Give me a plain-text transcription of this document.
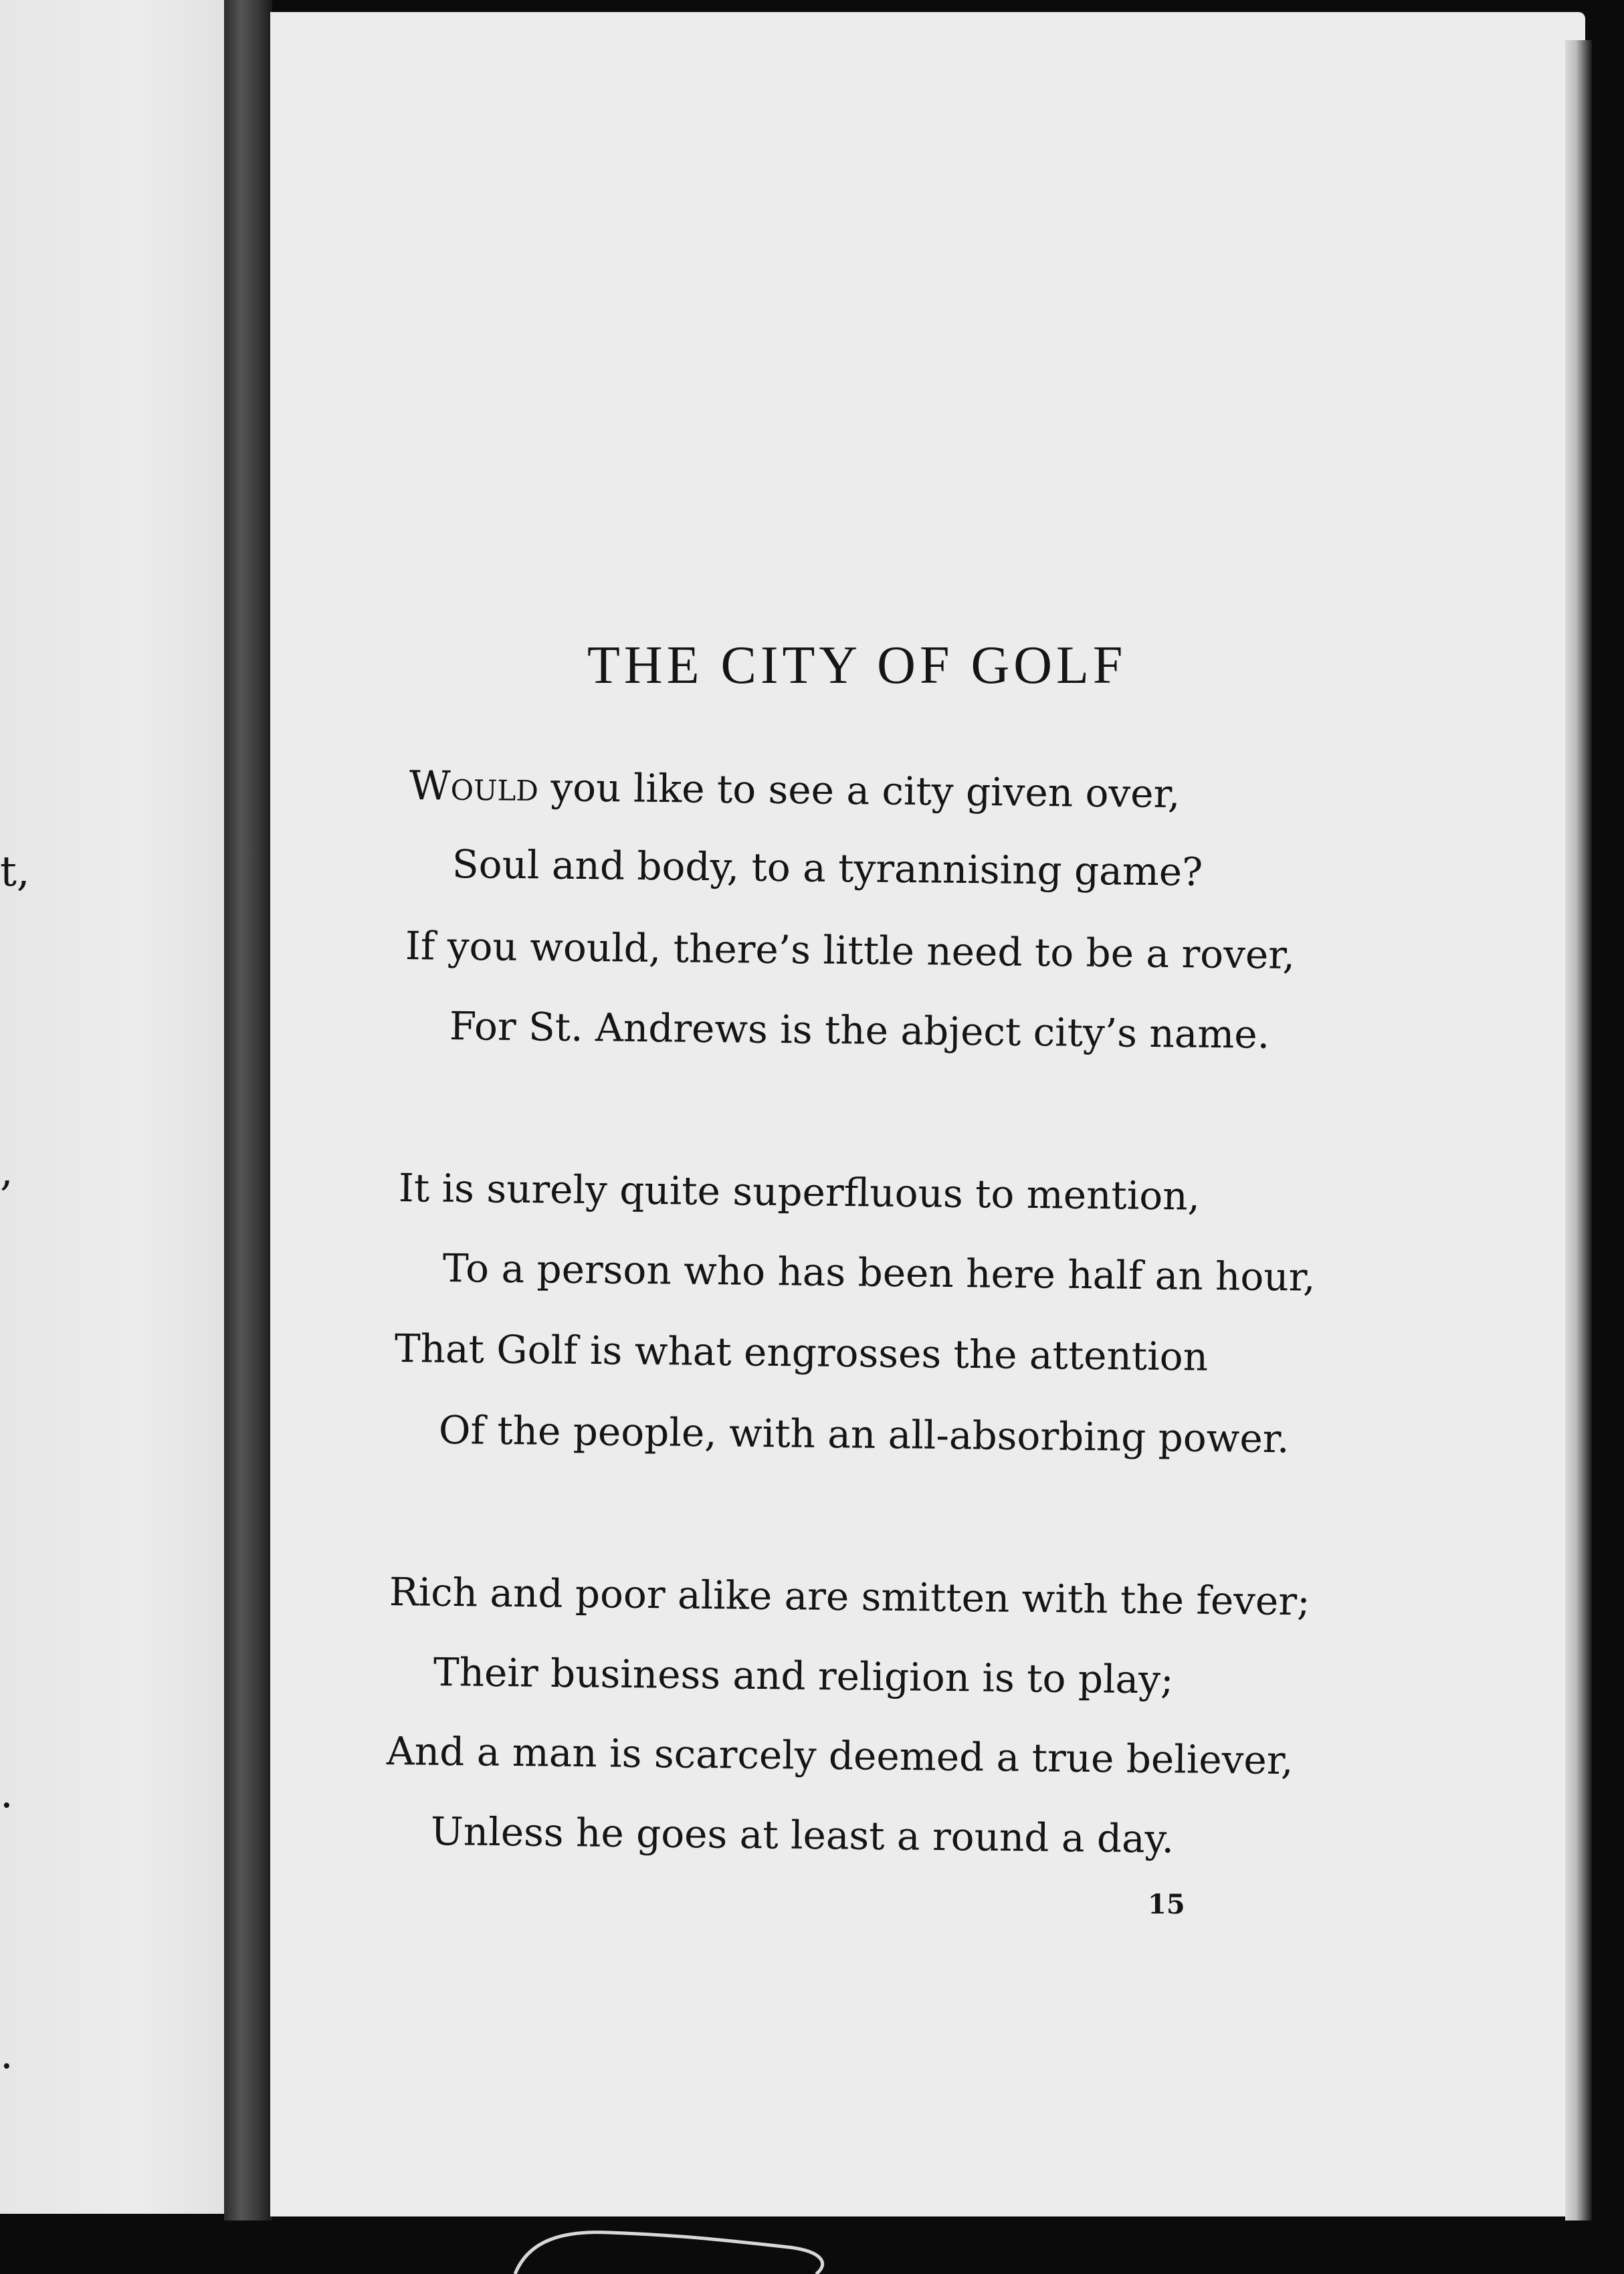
t,
,
.
.
THE CITY OF GOLF

Would you like to see a city given over,

Soul and body, to a tyrannising game?

If you would, there’s little need to be a rover,

For St. Andrews is the abject city’s name.

It is surely quite superfluous to mention,

To a person who has been here half an hour,

That Golf is what engrosses the attention

Of the people, with an all-absorbing power.

Rich and poor alike are smitten with the fever;

Their business and religion is to play;

And a man is scarcely deemed a true believer,

Unless he goes at least a round a day.

15
